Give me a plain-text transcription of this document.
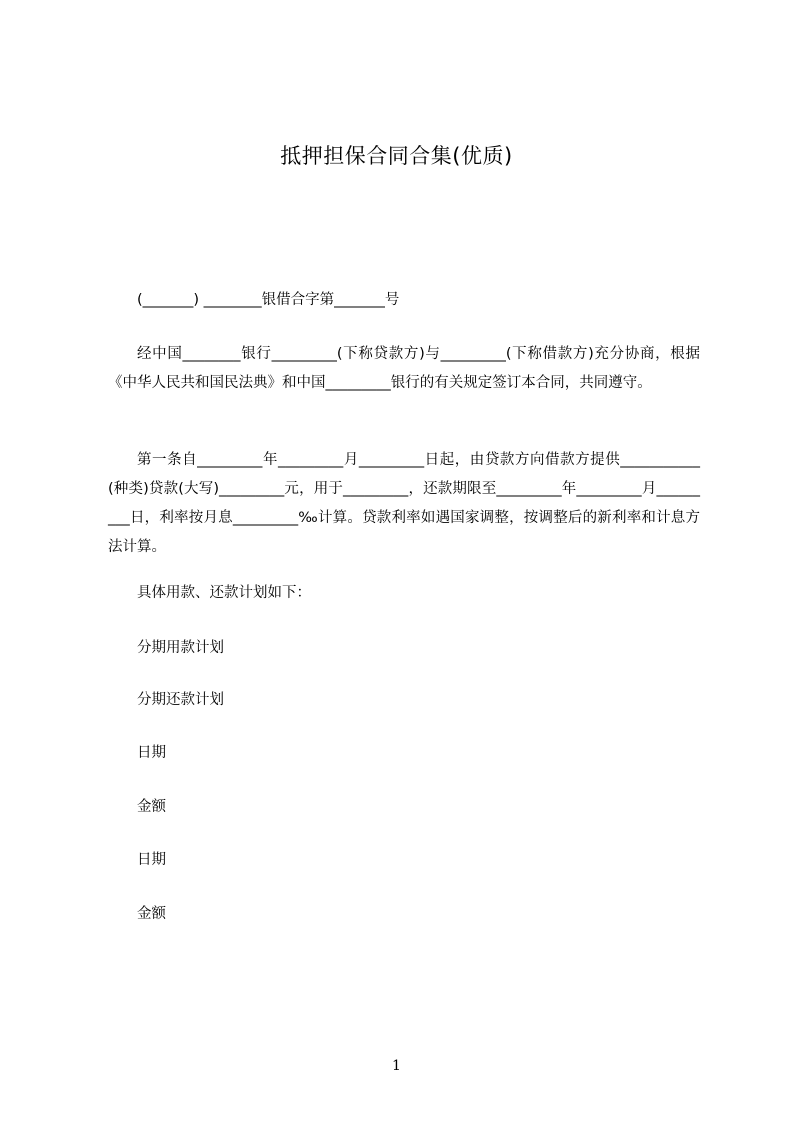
抵押担保合同合集(优质)
(_______) ________银借合字第_______号
经中国________银行_________(下称贷款方)与_________(下称借款方)充分协商，根据《中华人民共和国民法典》和中国_________银行的有关规定签订本合同，共同遵守。
第一条自_________年_________月_________日起，由贷款方向借款方提供___________(种类)贷款(大写)_________元，用于_________，还款期限至_________年_________月_________日，利率按月息_________‰计算。贷款利率如遇国家调整，按调整后的新利率和计息方法计算。
具体用款、还款计划如下：
分期用款计划
分期还款计划
日期
金额
日期
金额
1
